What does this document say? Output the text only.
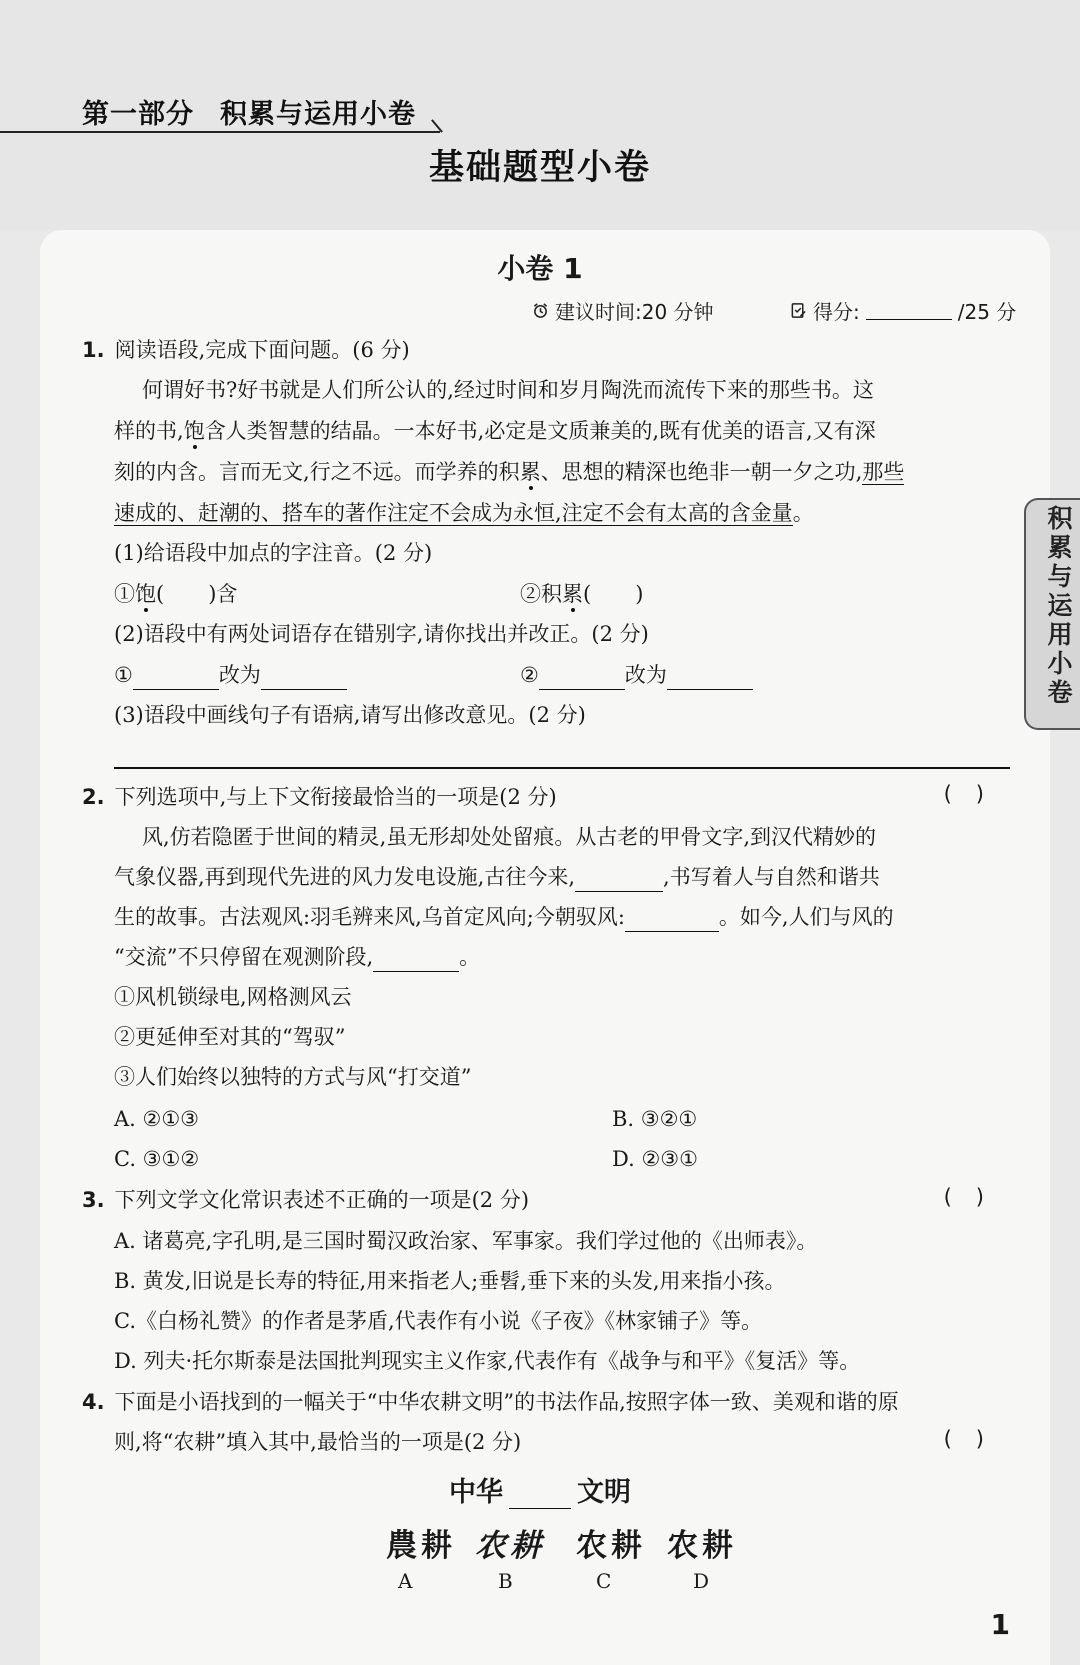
第一部分 积累与运用小卷
基础题型小卷
积累与运用小卷
小卷 1
建议时间:20 分钟	得分:	/25 分
1. 阅读语段,完成下面问题。(6 分)
何谓好书?好书就是人们所公认的,经过时间和岁月陶洗而流传下来的那些书。这
样的书,饱含人类智慧的结晶。一本好书,必定是文质兼美的,既有优美的语言,又有深
刻的内含。言而无文,行之不远。而学养的积累、思想的精深也绝非一朝一夕之功,那些
速成的、赶潮的、搭车的著作注定不会成为永恒,注定不会有太高的含金量。
(1)给语段中加点的字注音。(2 分)
①饱( )含	②积累( )
(2)语段中有两处词语存在错别字,请你找出并改正。(2 分)
①	改为	②	改为
(3)语段中画线句子有语病,请写出修改意见。(2 分)
2. 下列选项中,与上下文衔接最恰当的一项是(2 分)	()
风,仿若隐匿于世间的精灵,虽无形却处处留痕。从古老的甲骨文字,到汉代精妙的
气象仪器,再到现代先进的风力发电设施,古往今来,	,书写着人与自然和谐共
生的故事。古法观风:羽毛辨来风,乌首定风向;今朝驭风:	。如今,人们与风的
“交流”不只停留在观测阶段,	。
①风机锁绿电,网格测风云
②更延伸至对其的“驾驭”
③人们始终以独特的方式与风“打交道”
A. ②①③	B. ③②①
C. ③①②	D. ②③①
3. 下列文学文化常识表述不正确的一项是(2 分)	()
A. 诸葛亮,字孔明,是三国时蜀汉政治家、军事家。我们学过他的《出师表》。
B. 黄发,旧说是长寿的特征,用来指老人;垂髫,垂下来的头发,用来指小孩。
C.《白杨礼赞》的作者是茅盾,代表作有小说《子夜》《林家铺子》等。
D. 列夫·托尔斯泰是法国批判现实主义作家,代表作有《战争与和平》《复活》等。
4. 下面是小语找到的一幅关于“中华农耕文明”的书法作品,按照字体一致、美观和谐的原
则,将“农耕”填入其中,最恰当的一项是(2 分)	()
中华	文明
農耕 农耕 农耕 农耕
A	B	C	D
1
